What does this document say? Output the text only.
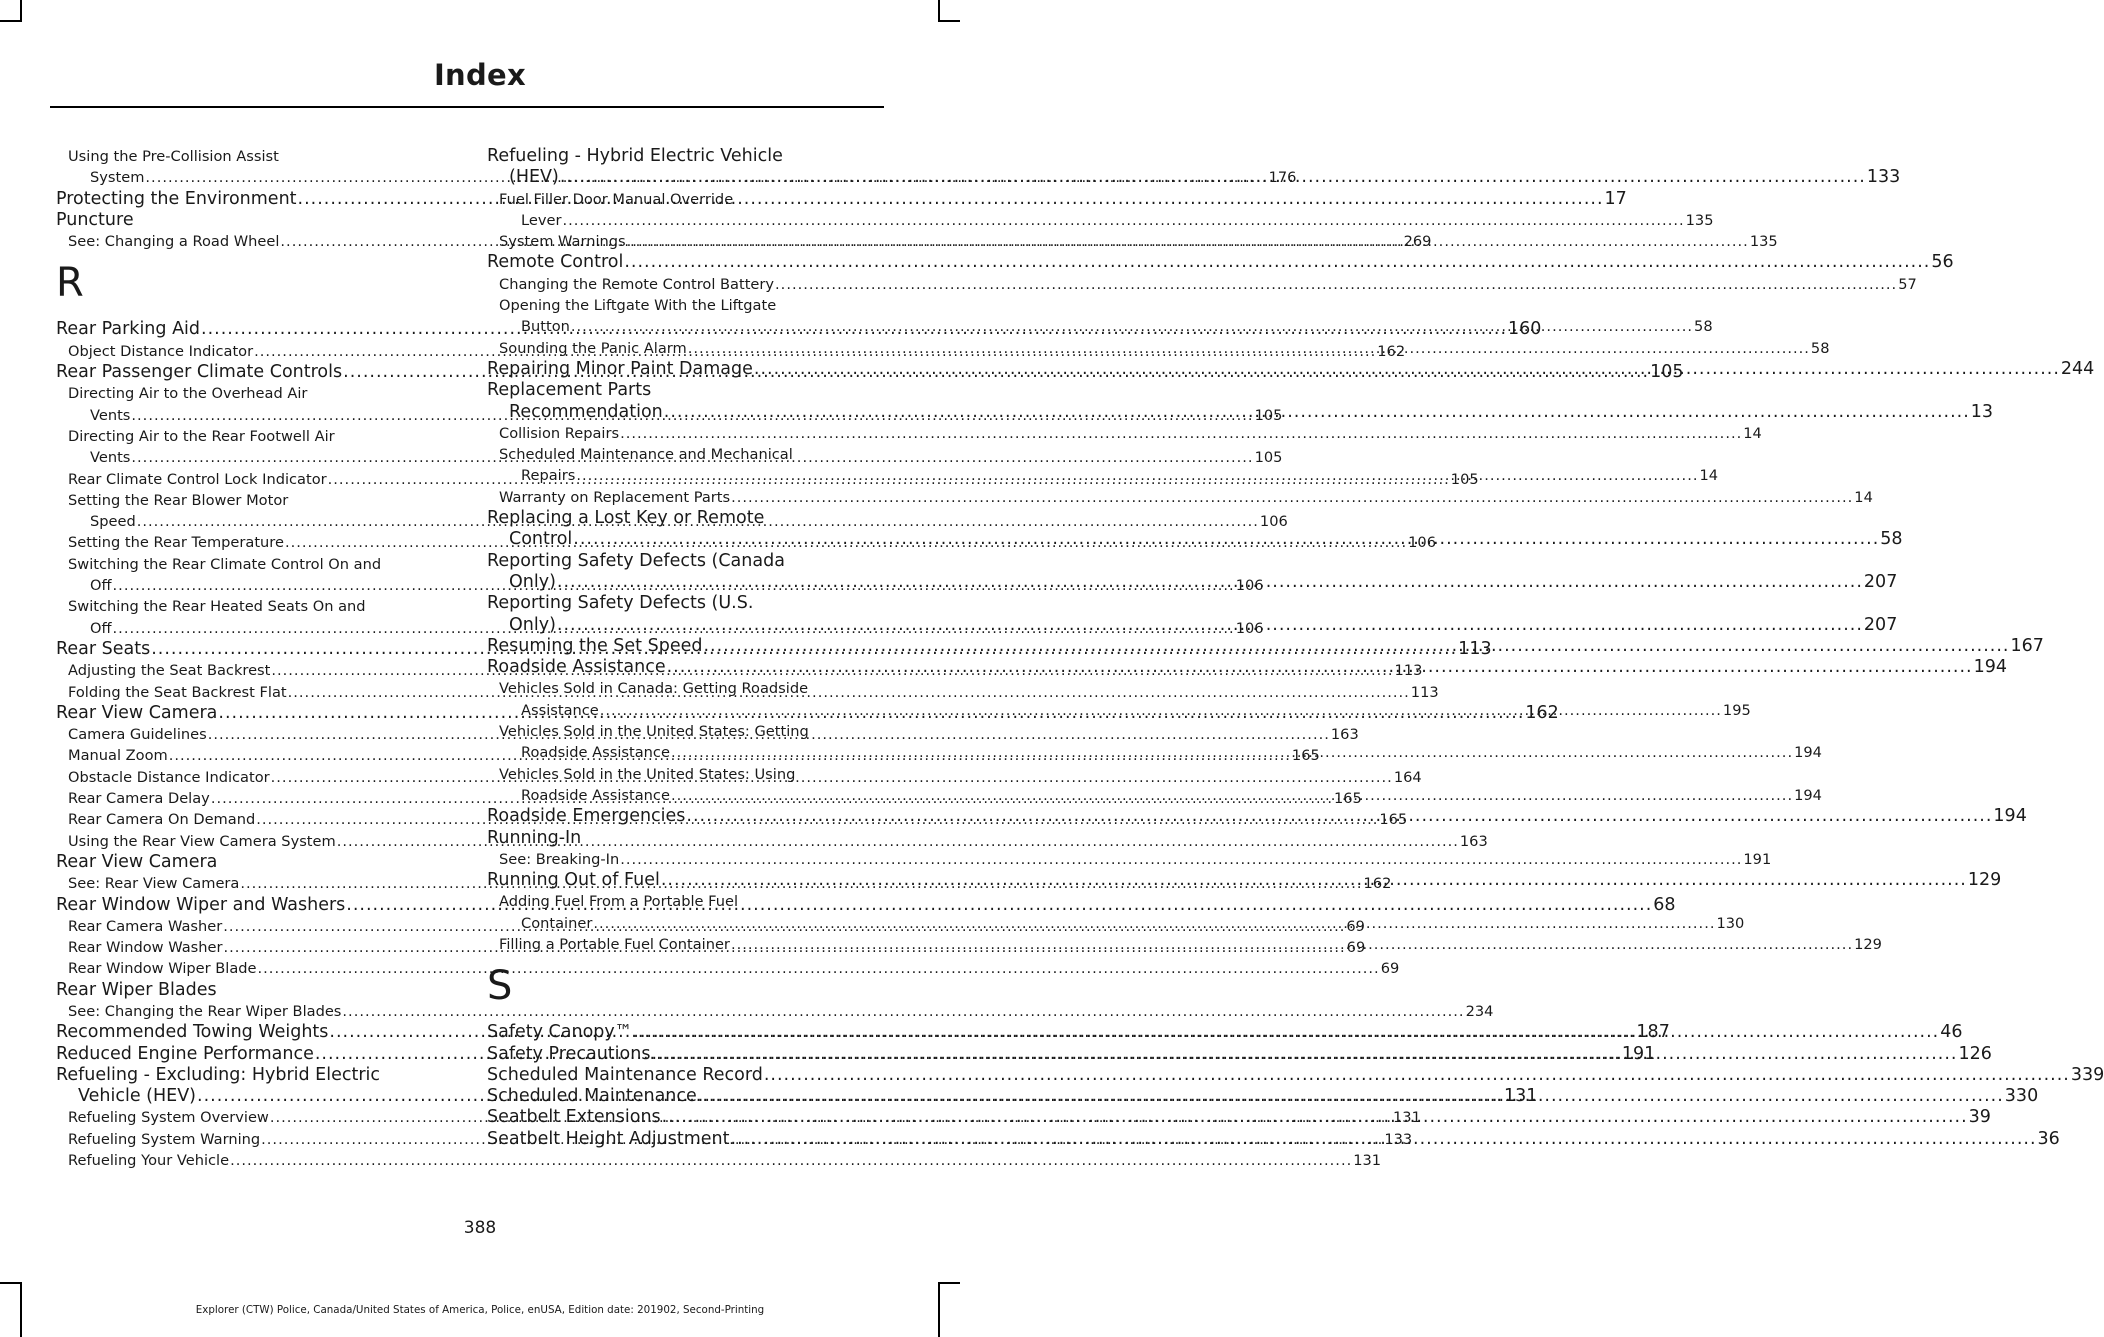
Index
Using the Pre-Collision Assist
System .....	176
Protecting the Environment .....	17
Puncture
See: Changing a Road Wheel .....	269
R
Rear Parking Aid .....	160
Object Distance Indicator .....	162
Rear Passenger Climate Controls .....	105
Directing Air to the Overhead Air
Vents .....	105
Directing Air to the Rear Footwell Air
Vents .....	105
Rear Climate Control Lock Indicator .....	105
Setting the Rear Blower Motor
Speed .....	106
Setting the Rear Temperature .....	106
Switching the Rear Climate Control On and
Off .....	106
Switching the Rear Heated Seats On and
Off .....	106
Rear Seats .....	113
Adjusting the Seat Backrest .....	113
Folding the Seat Backrest Flat .....	113
Rear View Camera .....	162
Camera Guidelines .....	163
Manual Zoom .....	165
Obstacle Distance Indicator .....	164
Rear Camera Delay .....	165
Rear Camera On Demand .....	165
Using the Rear View Camera System .....	163
Rear View Camera
See: Rear View Camera .....	162
Rear Window Wiper and Washers .....	68
Rear Camera Washer .....	69
Rear Window Washer .....	69
Rear Window Wiper Blade .....	69
Rear Wiper Blades
See: Changing the Rear Wiper Blades .....	234
Recommended Towing Weights .....	187
Reduced Engine Performance .....	191
Refueling - Excluding: Hybrid Electric
Vehicle (HEV) .....	131
Refueling System Overview .....	131
Refueling System Warning .....	133
Refueling Your Vehicle .....	131
Refueling - Hybrid Electric Vehicle
(HEV) .....	133
Fuel Filler Door Manual Override
Lever .....	135
System Warnings .....	135
Remote Control .....	56
Changing the Remote Control Battery .....	57
Opening the Liftgate With the Liftgate
Button .....	58
Sounding the Panic Alarm .....	58
Repairing Minor Paint Damage .....	244
Replacement Parts
Recommendation .....	13
Collision Repairs .....	14
Scheduled Maintenance and Mechanical
Repairs .....	14
Warranty on Replacement Parts .....	14
Replacing a Lost Key or Remote
Control .....	58
Reporting Safety Defects (Canada
Only) .....	207
Reporting Safety Defects (U.S.
Only) .....	207
Resuming the Set Speed .....	167
Roadside Assistance .....	194
Vehicles Sold in Canada: Getting Roadside
Assistance .....	195
Vehicles Sold in the United States: Getting
Roadside Assistance .....	194
Vehicles Sold in the United States: Using
Roadside Assistance .....	194
Roadside Emergencies .....	194
Running-In
See: Breaking-In .....	191
Running Out of Fuel .....	129
Adding Fuel From a Portable Fuel
Container .....	130
Filling a Portable Fuel Container .....	129
S
Safety Canopy™ .....	46
Safety Precautions .....	126
Scheduled Maintenance Record .....	339
Scheduled Maintenance .....	330
Seatbelt Extensions .....	39
Seatbelt Height Adjustment .....	36
388
Explorer (CTW) Police, Canada/United States of America, Police, enUSA, Edition date: 201902, Second-Printing
